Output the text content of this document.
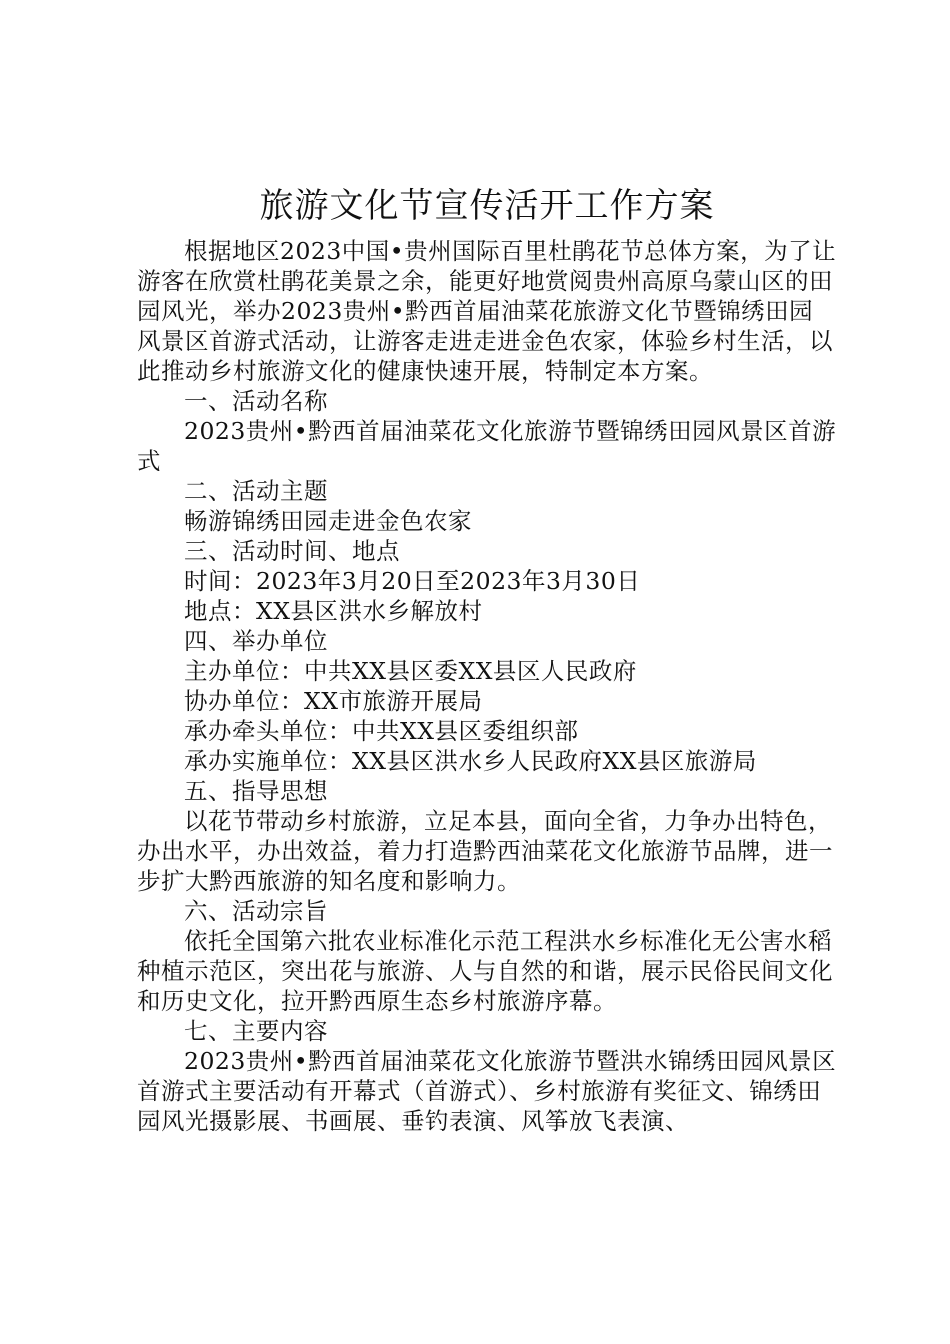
旅游文化节宣传活开工作方案

根据地区2023中国•贵州国际百里杜鹃花节总体方案，为了让游客在欣赏杜鹃花美景之余，能更好地赏阅贵州高原乌蒙山区的田园风光，举办2023贵州•黔西首届油菜花旅游文化节暨锦绣田园风景区首游式活动，让游客走进走进金色农家，体验乡村生活，以此推动乡村旅游文化的健康快速开展，特制定本方案。

一、活动名称

2023贵州•黔西首届油菜花文化旅游节暨锦绣田园风景区首游式

二、活动主题

畅游锦绣田园走进金色农家

三、活动时间、地点

时间：2023年3月20日至2023年3月30日

地点：XX县区洪水乡解放村

四、举办单位

主办单位：中共XX县区委XX县区人民政府

协办单位：XX市旅游开展局

承办牵头单位：中共XX县区委组织部

承办实施单位：XX县区洪水乡人民政府XX县区旅游局

五、指导思想

以花节带动乡村旅游，立足本县，面向全省，力争办出特色，办出水平，办出效益，着力打造黔西油菜花文化旅游节品牌，进一步扩大黔西旅游的知名度和影响力。

六、活动宗旨

依托全国第六批农业标准化示范工程洪水乡标准化无公害水稻种植示范区，突出花与旅游、人与自然的和谐，展示民俗民间文化和历史文化，拉开黔西原生态乡村旅游序幕。

七、主要内容

2023贵州•黔西首届油菜花文化旅游节暨洪水锦绣田园风景区首游式主要活动有开幕式（首游式）、乡村旅游有奖征文、锦绣田园风光摄影展、书画展、垂钓表演、风筝放飞表演、
